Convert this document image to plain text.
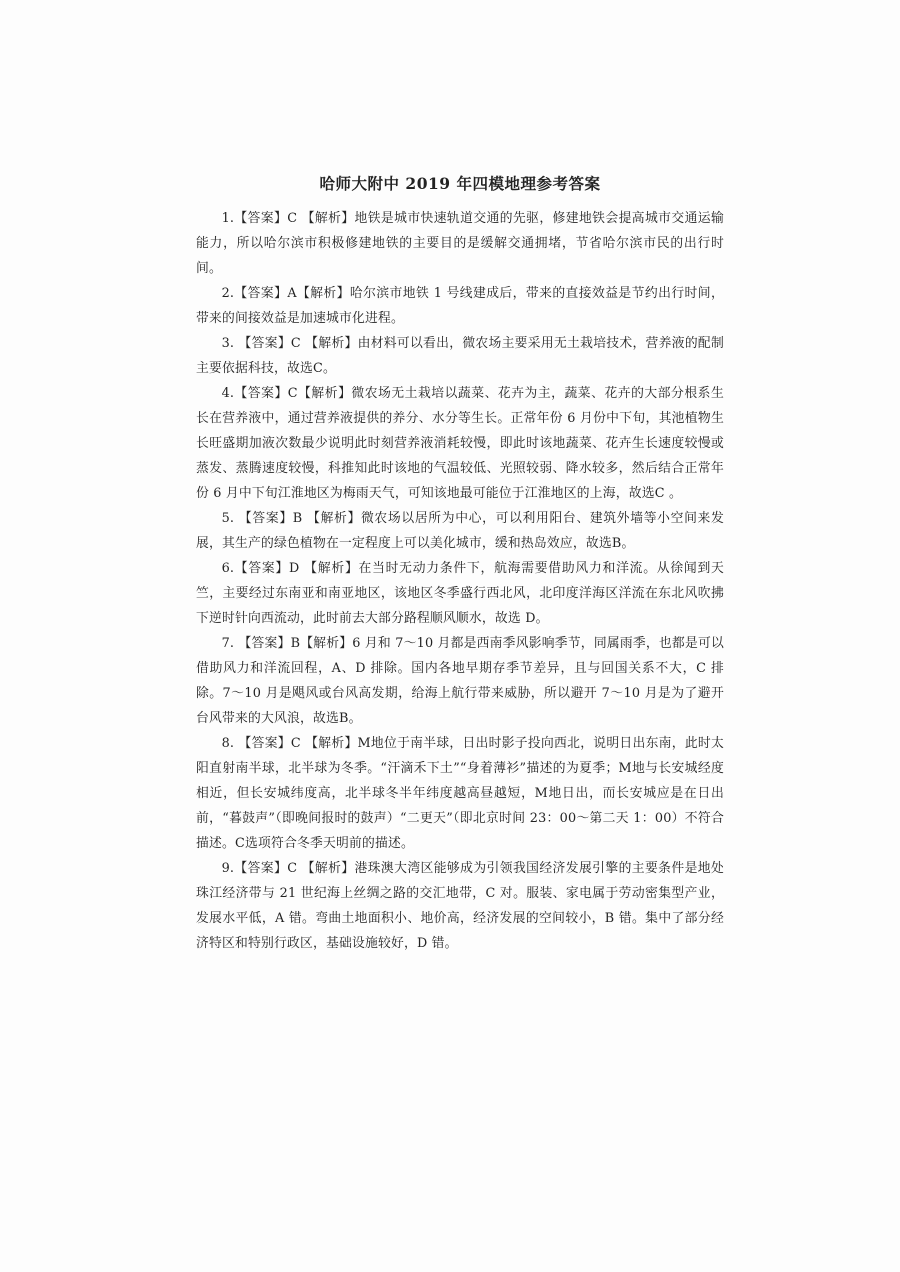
哈师大附中 2019 年四模地理参考答案

1.【答案】C 【解析】地铁是城市快速轨道交通的先驱，修建地铁会提高城市交通运输能力，所以哈尔滨市积极修建地铁的主要目的是缓解交通拥堵，节省哈尔滨市民的出行时间。

2.【答案】A【解析】哈尔滨市地铁 1 号线建成后，带来的直接效益是节约出行时间，带来的间接效益是加速城市化进程。

3. 【答案】C 【解析】由材料可以看出，微农场主要采用无土栽培技术，营养液的配制主要依据科技，故选C。

4.【答案】C【解析】微农场无土栽培以蔬菜、花卉为主，蔬菜、花卉的大部分根系生长在营养液中，通过营养液提供的养分、水分等生长。正常年份 6 月份中下旬，其池植物生长旺盛期加液次数最少说明此时刻营养液消耗较慢，即此时该地蔬菜、花卉生长速度较慢或蒸发、蒸腾速度较慢，科推知此时该地的气温较低、光照较弱、降水较多，然后结合正常年份 6 月中下旬江淮地区为梅雨天气，可知该地最可能位于江淮地区的上海，故选C 。

5. 【答案】B 【解析】微农场以居所为中心，可以利用阳台、建筑外墙等小空间来发展，其生产的绿色植物在一定程度上可以美化城市，缓和热岛效应，故选B。

6.【答案】D 【解析】在当时无动力条件下，航海需要借助风力和洋流。从徐闻到天竺，主要经过东南亚和南亚地区，该地区冬季盛行西北风，北印度洋海区洋流在东北风吹拂下逆时针向西流动，此时前去大部分路程顺风顺水，故选 D。

7. 【答案】B【解析】6 月和 7～10 月都是西南季风影响季节，同属雨季，也都是可以借助风力和洋流回程，A、D 排除。国内各地早期存季节差异，且与回国关系不大，C 排除。7～10 月是飓风或台风高发期，给海上航行带来威胁，所以避开 7～10 月是为了避开台风带来的大风浪，故选B。

8. 【答案】C 【解析】M地位于南半球，日出时影子投向西北，说明日出东南，此时太阳直射南半球，北半球为冬季。“汗滴禾下土”“身着薄衫”描述的为夏季；M地与长安城经度相近，但长安城纬度高，北半球冬半年纬度越高昼越短，M地日出，而长安城应是在日出前，“暮鼓声”（即晚间报时的鼓声）“二更天”（即北京时间 23：00～第二天 1：00）不符合描述。C选项符合冬季天明前的描述。

9.【答案】C 【解析】港珠澳大湾区能够成为引领我国经济发展引擎的主要条件是地处珠江经济带与 21 世纪海上丝绸之路的交汇地带，C 对。服装、家电属于劳动密集型产业，发展水平低，A 错。弯曲土地面积小、地价高，经济发展的空间较小，B 错。集中了部分经济特区和特别行政区，基础设施较好，D 错。
